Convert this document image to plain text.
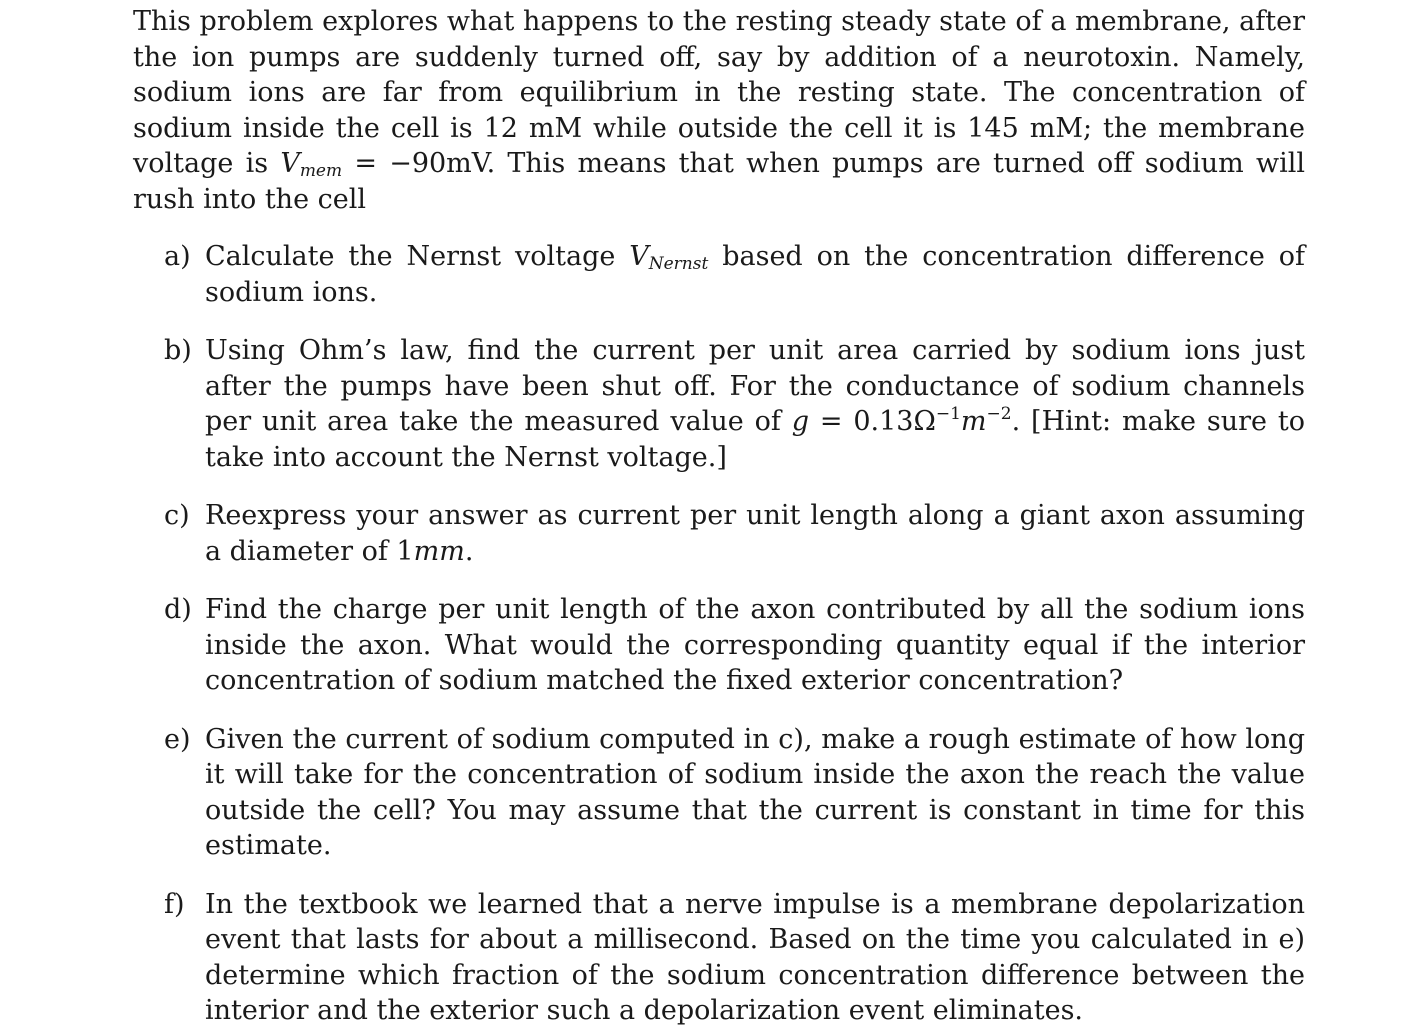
This problem explores what happens to the resting steady state of a membrane, after the ion pumps are suddenly turned off, say by addition of a neurotoxin. Namely, sodium ions are far from equilibrium in the resting state. The concentration of sodium inside the cell is 12 mM while outside the cell it is 145 mM; the membrane voltage is $V_{mem} = -90mV$. This means that when pumps are turned off sodium will rush into the cell

a) Calculate the Nernst voltage $V_{Nernst}$ based on the concentration difference of sodium ions.
b) Using Ohm’s law, find the current per unit area carried by sodium ions just after the pumps have been shut off. For the conductance of sodium channels per unit area take the measured value of $g = 0.13\Omega^{-1}m^{-2}$. [Hint: make sure to take into account the Nernst voltage.]
c) Reexpress your answer as current per unit length along a giant axon assuming a diameter of 1mm.
d) Find the charge per unit length of the axon contributed by all the sodium ions inside the axon. What would the corresponding quantity equal if the interior concentration of sodium matched the fixed exterior concentration?
e) Given the current of sodium computed in c), make a rough estimate of how long it will take for the concentration of sodium inside the axon the reach the value outside the cell? You may assume that the current is constant in time for this estimate.
f) In the textbook we learned that a nerve impulse is a membrane depolarization event that lasts for about a millisecond. Based on the time you calculated in e) determine which fraction of the sodium concentration difference between the interior and the exterior such a depolarization event eliminates.
